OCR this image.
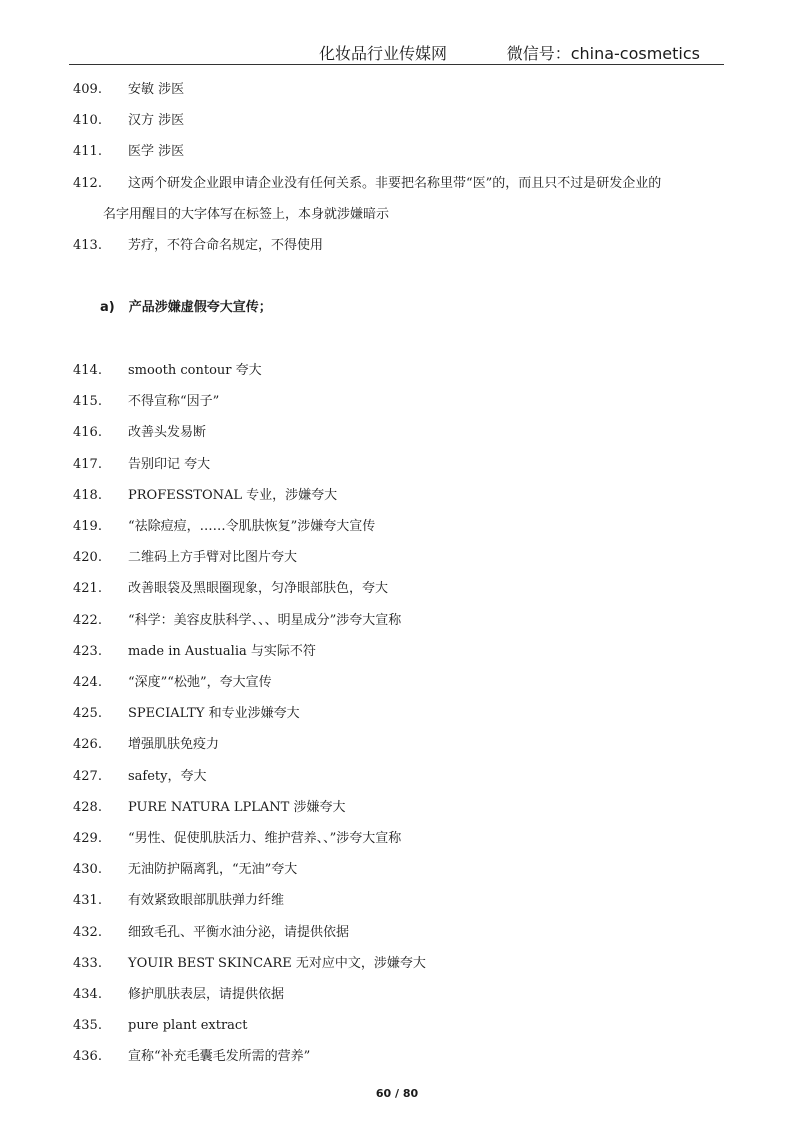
化妆品行业传媒网	微信号：china-cosmetics
409.	安敏 涉医
410.	汉方 涉医
411.	医学 涉医
412.	这两个研发企业跟申请企业没有任何关系。非要把名称里带“医”的，而且只不过是研发企业的
名字用醒目的大字体写在标签上，本身就涉嫌暗示
413.	芳疗，不符合命名规定，不得使用
a) 产品涉嫌虚假夸大宣传；
414.	smooth contour 夸大
415.	不得宣称“因子”
416.	改善头发易断
417.	告别印记 夸大
418.	PROFESSTONAL 专业，涉嫌夸大
419.	“祛除痘痘，……令肌肤恢复”涉嫌夸大宣传
420.	二维码上方手臂对比图片夸大
421.	改善眼袋及黑眼圈现象，匀净眼部肤色，夸大
422.	“科学：美容皮肤科学、、、明星成分”涉夸大宣称
423.	made in Austualia 与实际不符
424.	“深度”“松弛”，夸大宣传
425.	SPECIALTY 和专业涉嫌夸大
426.	增强肌肤免疫力
427.	safety，夸大
428.	PURE NATURA LPLANT 涉嫌夸大
429.	“男性、促使肌肤活力、维护营养、、”涉夸大宣称
430.	无油防护隔离乳，“无油”夸大
431.	有效紧致眼部肌肤弹力纤维
432.	细致毛孔、平衡水油分泌，请提供依据
433.	YOUIR BEST SKINCARE 无对应中文，涉嫌夸大
434.	修护肌肤表层，请提供依据
435.	pure plant extract
436.	宣称“补充毛囊毛发所需的营养”
60 / 80
